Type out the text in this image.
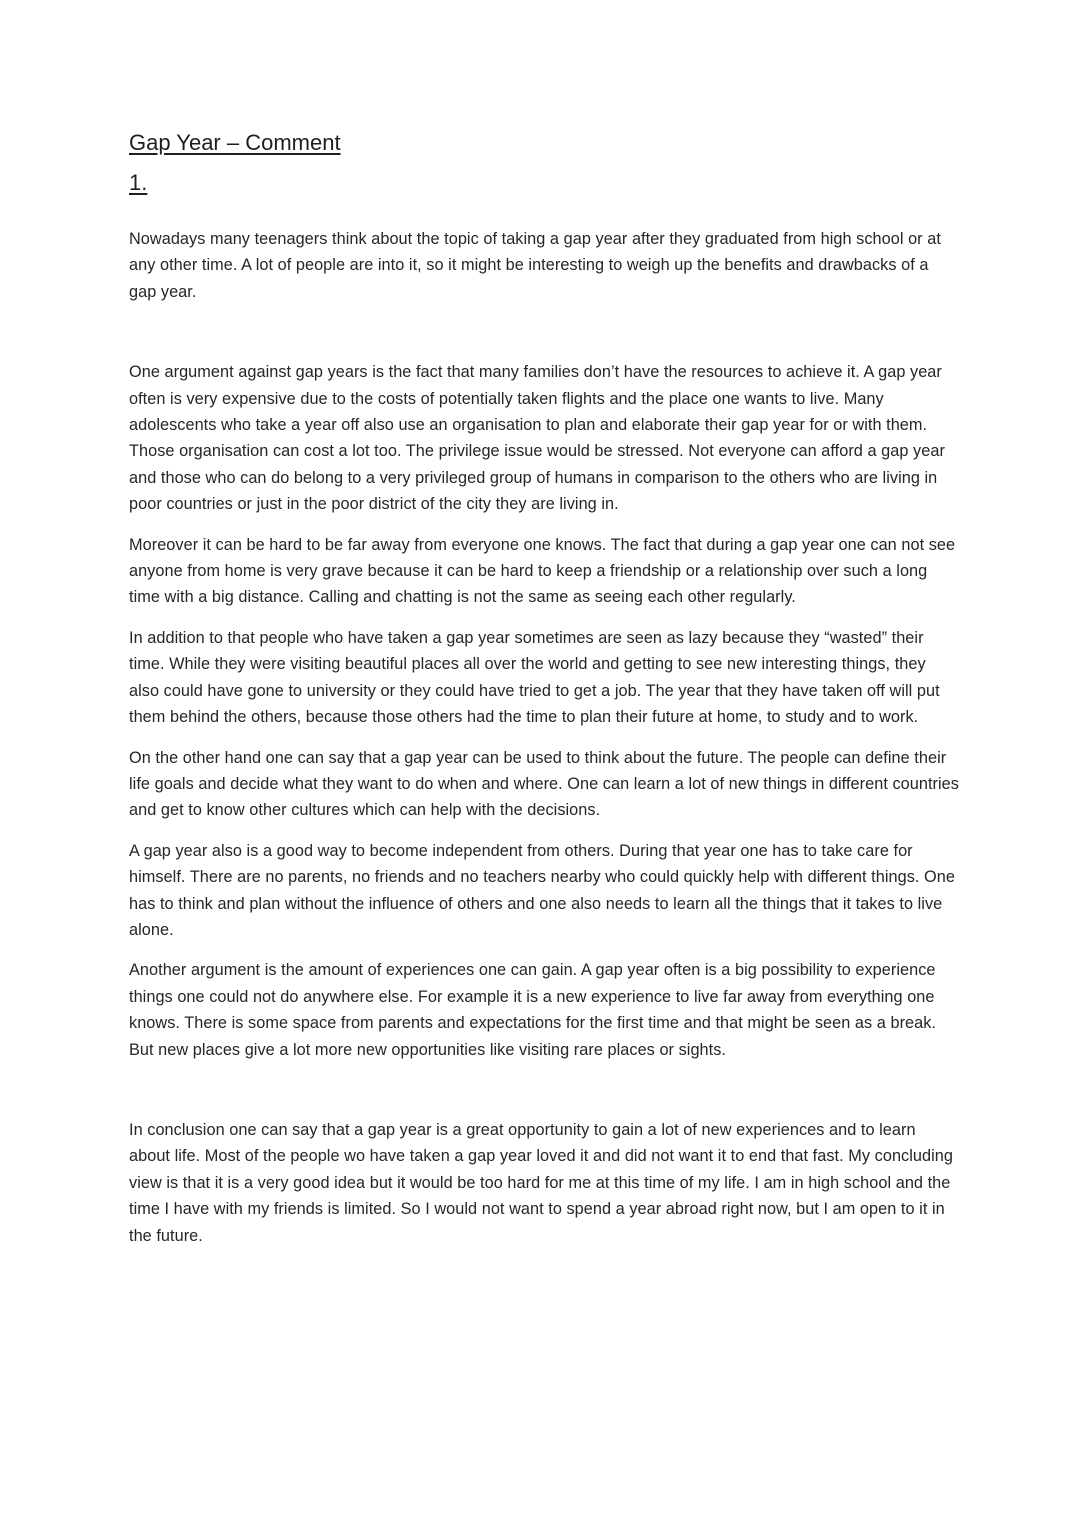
Gap Year – Comment
1.

Nowadays many teenagers think about the topic of taking a gap year after they graduated from high school or at any other time. A lot of people are into it, so it might be interesting to weigh up the benefits and drawbacks of a gap year.

One argument against gap years is the fact that many families don’t have the resources to achieve it. A gap year often is very expensive due to the costs of potentially taken flights and the place one wants to live. Many adolescents who take a year off also use an organisation to plan and elaborate their gap year for or with them. Those organisation can cost a lot too. The privilege issue would be stressed. Not everyone can afford a gap year and those who can do belong to a very privileged group of humans in comparison to the others who are living in poor countries or just in the poor district of the city they are living in.

Moreover it can be hard to be far away from everyone one knows. The fact that during a gap year one can not see anyone from home is very grave because it can be hard to keep a friendship or a relationship over such a long time with a big distance. Calling and chatting is not the same as seeing each other regularly.

In addition to that people who have taken a gap year sometimes are seen as lazy because they “wasted” their time. While they were visiting beautiful places all over the world and getting to see new interesting things, they also could have gone to university or they could have tried to get a job. The year that they have taken off will put them behind the others, because those others had the time to plan their future at home, to study and to work.

On the other hand one can say that a gap year can be used to think about the future. The people can define their life goals and decide what they want to do when and where. One can learn a lot of new things in different countries and get to know other cultures which can help with the decisions.

A gap year also is a good way to become independent from others. During that year one has to take care for himself. There are no parents, no friends and no teachers nearby who could quickly help with different things. One has to think and plan without the influence of others and one also needs to learn all the things that it takes to live alone.

Another argument is the amount of experiences one can gain. A gap year often is a big possibility to experience things one could not do anywhere else. For example it is a new experience to live far away from everything one knows. There is some space from parents and expectations for the first time and that might be seen as a break. But new places give a lot more new opportunities like visiting rare places or sights.

In conclusion one can say that a gap year is a great opportunity to gain a lot of new experiences and to learn about life. Most of the people wo have taken a gap year loved it and did not want it to end that fast. My concluding view is that it is a very good idea but it would be too hard for me at this time of my life. I am in high school and the time I have with my friends is limited. So I would not want to spend a year abroad right now, but I am open to it in the future.
